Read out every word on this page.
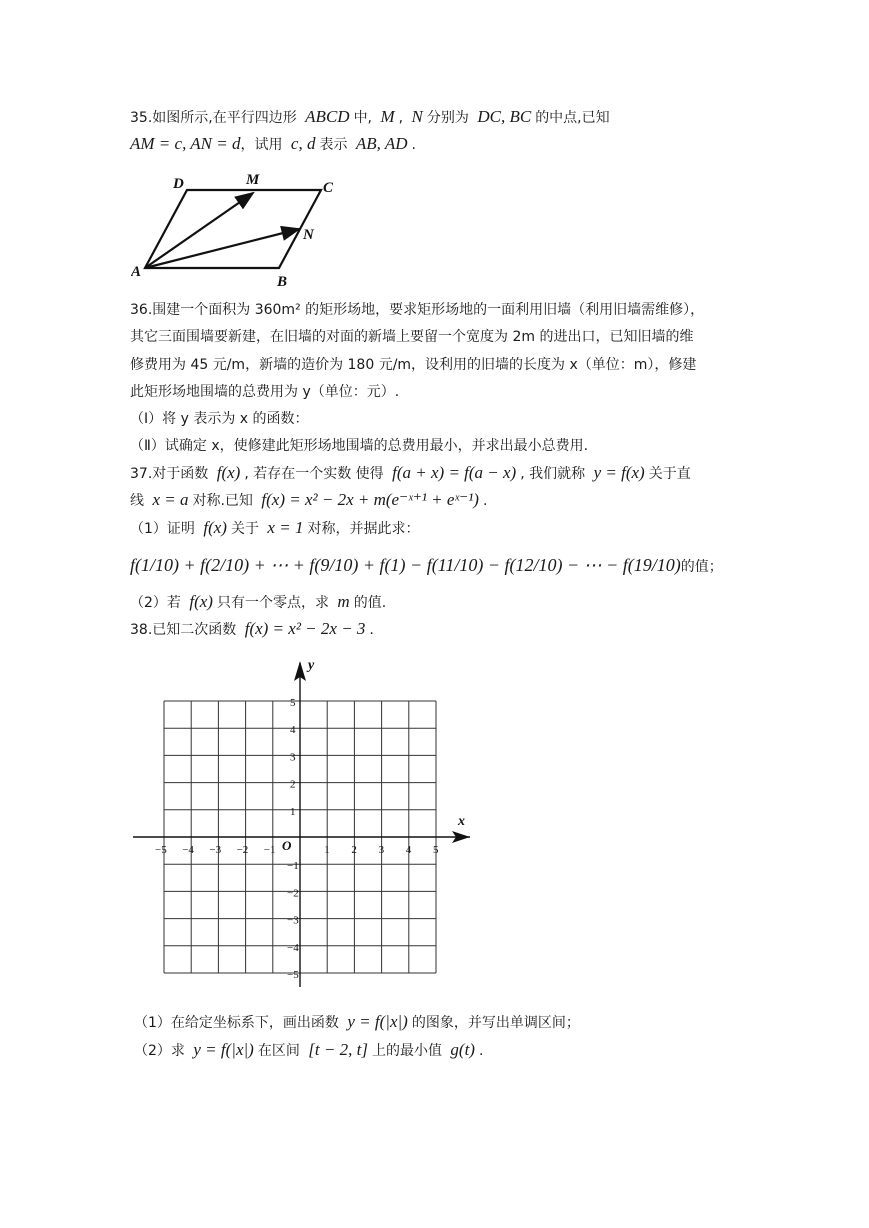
35.如图所示,在平行四边形 ABCD 中, M , N 分别为 DC, BC 的中点,已知
AM = c, AN = d，试用 c, d 表示 AB, AD .
D	M	C
N
A
B
36.围建一个面积为 360m² 的矩形场地，要求矩形场地的一面利用旧墙（利用旧墙需维修），
其它三面围墙要新建，在旧墙的对面的新墙上要留一个宽度为 2m 的进出口，已知旧墙的维
修费用为 45 元/m，新墙的造价为 180 元/m，设利用的旧墙的长度为 x（单位：m），修建
此矩形场地围墙的总费用为 y（单位：元）.
（Ⅰ）将 y 表示为 x 的函数：
（Ⅱ）试确定 x，使修建此矩形场地围墙的总费用最小，并求出最小总费用.
37.对于函数 f(x) , 若存在一个实数 使得 f(a + x) = f(a − x) , 我们就称 y = f(x) 关于直
线 x = a 对称.已知 f(x) = x² − 2x + m(e⁻ˣ⁺¹ + eˣ⁻¹) .
（1）证明 f(x) 关于 x = 1 对称，并据此求：
f(1/10) + f(2/10) + ⋯ + f(9/10) + f(1) − f(11/10) − f(12/10) − ⋯ − f(19/10)的值；
（2）若 f(x) 只有一个零点，求 m 的值.
38.已知二次函数 f(x) = x² − 2x − 3 .
x
y
O
−5 −4 −3 −2 −1	1 2 3 4 5
5
4
3
2
1
−1
−2
−3
−4
−5
（1）在给定坐标系下，画出函数 y = f(|x|) 的图象，并写出单调区间；
（2）求 y = f(|x|) 在区间 [t − 2, t] 上的最小值 g(t) .
